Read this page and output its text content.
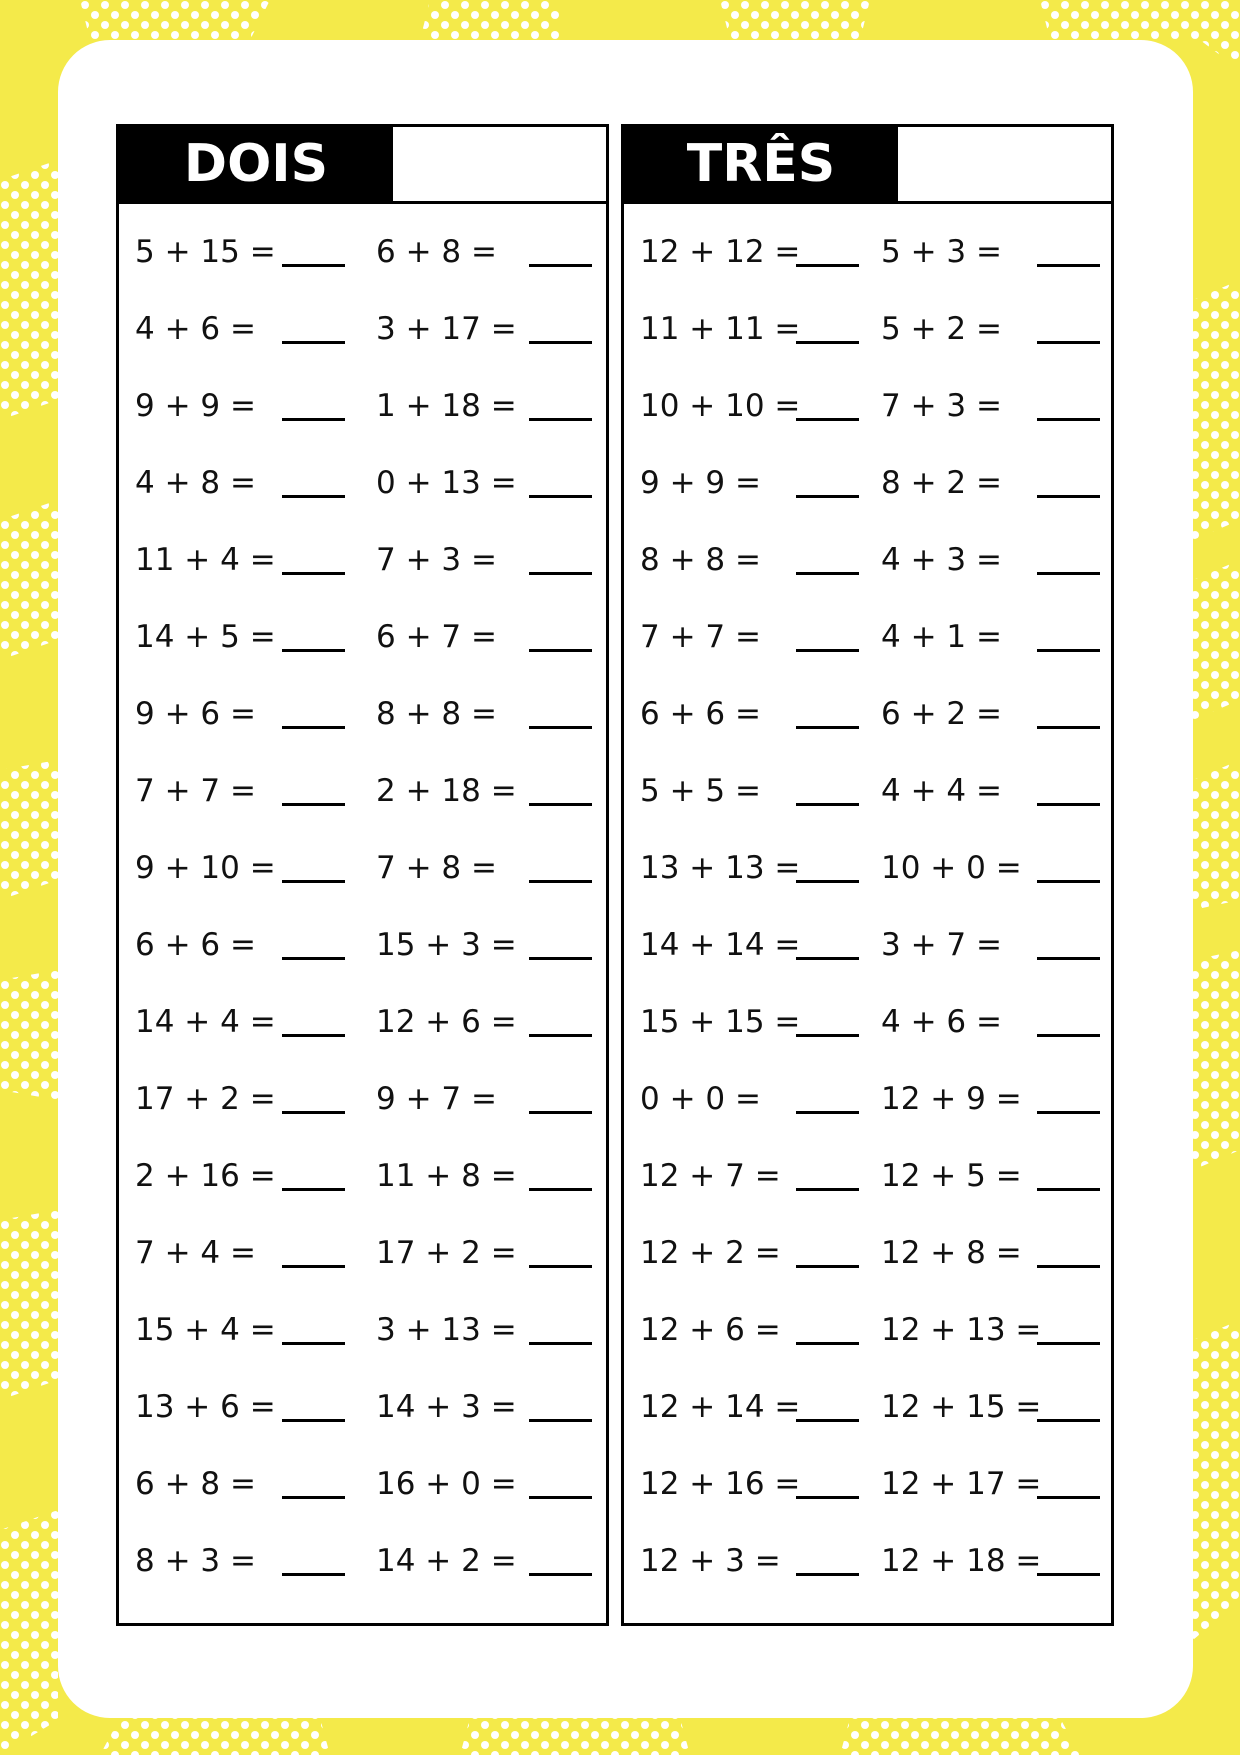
DOIS
5 + 15 =	6 + 8 =
4 + 6 =	3 + 17 =
9 + 9 =	1 + 18 =
4 + 8 =	0 + 13 =
11 + 4 =	7 + 3 =
14 + 5 =	6 + 7 =
9 + 6 =	8 + 8 =
7 + 7 =	2 + 18 =
9 + 10 =	7 + 8 =
6 + 6 =	15 + 3 =
14 + 4 =	12 + 6 =
17 + 2 =	9 + 7 =
2 + 16 =	11 + 8 =
7 + 4 =	17 + 2 =
15 + 4 =	3 + 13 =
13 + 6 =	14 + 3 =
6 + 8 =	16 + 0 =
8 + 3 =	14 + 2 =
TRÊS
12 + 12 =	5 + 3 =
11 + 11 =	5 + 2 =
10 + 10 =	7 + 3 =
9 + 9 =	8 + 2 =
8 + 8 =	4 + 3 =
7 + 7 =	4 + 1 =
6 + 6 =	6 + 2 =
5 + 5 =	4 + 4 =
13 + 13 =	10 + 0 =
14 + 14 =	3 + 7 =
15 + 15 =	4 + 6 =
0 + 0 =	12 + 9 =
12 + 7 =	12 + 5 =
12 + 2 =	12 + 8 =
12 + 6 =	12 + 13 =
12 + 14 =	12 + 15 =
12 + 16 =	12 + 17 =
12 + 3 =	12 + 18 =
